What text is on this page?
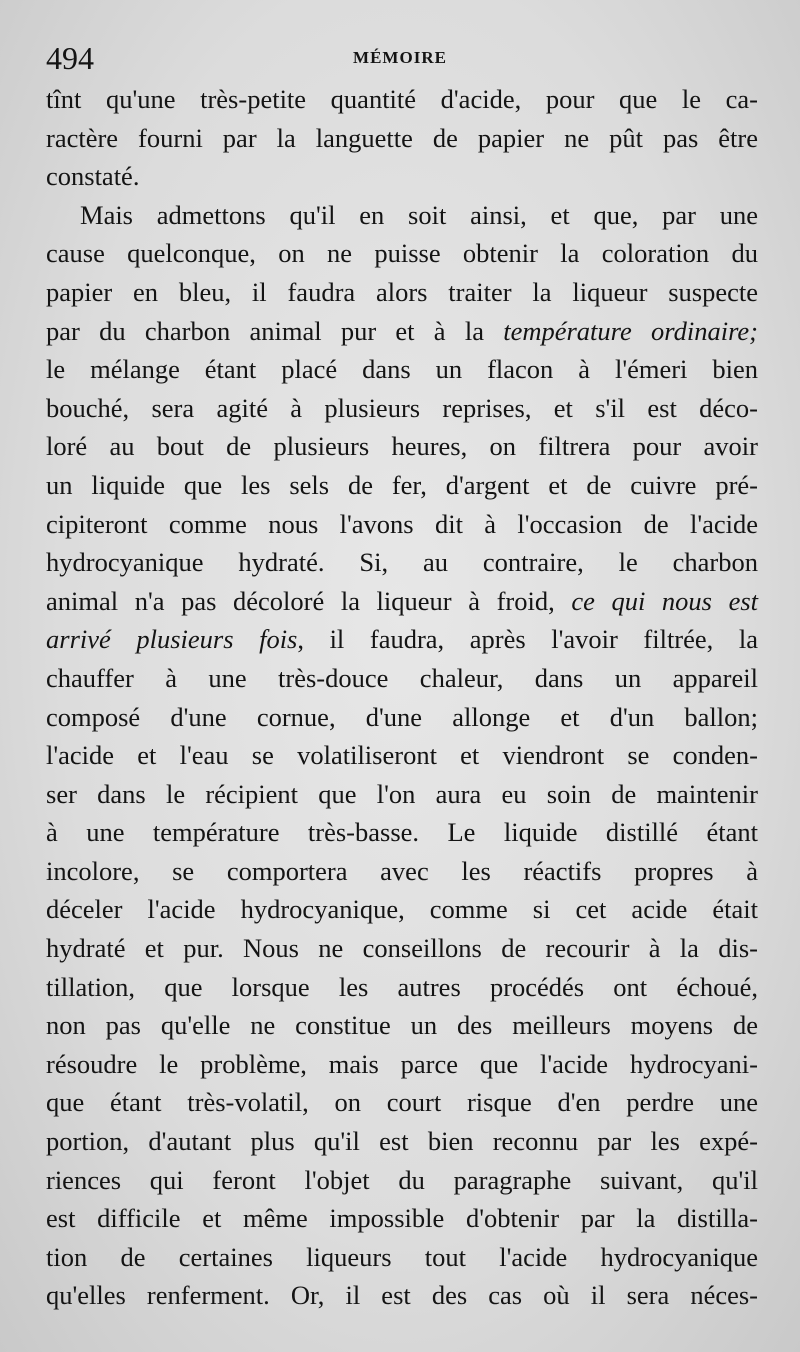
494	MÉMOIRE
tînt qu'une très-petite quantité d'acide, pour que le ca-
ractère fourni par la languette de papier ne pût pas être
constaté.
Mais admettons qu'il en soit ainsi, et que, par une
cause quelconque, on ne puisse obtenir la coloration du
papier en bleu, il faudra alors traiter la liqueur suspecte
par du charbon animal pur et à la température ordinaire;
le mélange étant placé dans un flacon à l'émeri bien
bouché, sera agité à plusieurs reprises, et s'il est déco-
loré au bout de plusieurs heures, on filtrera pour avoir
un liquide que les sels de fer, d'argent et de cuivre pré-
cipiteront comme nous l'avons dit à l'occasion de l'acide
hydrocyanique hydraté. Si, au contraire, le charbon
animal n'a pas décoloré la liqueur à froid, ce qui nous est
arrivé plusieurs fois, il faudra, après l'avoir filtrée, la
chauffer à une très-douce chaleur, dans un appareil
composé d'une cornue, d'une allonge et d'un ballon;
l'acide et l'eau se volatiliseront et viendront se conden-
ser dans le récipient que l'on aura eu soin de maintenir
à une température très-basse. Le liquide distillé étant
incolore, se comportera avec les réactifs propres à
déceler l'acide hydrocyanique, comme si cet acide était
hydraté et pur. Nous ne conseillons de recourir à la dis-
tillation, que lorsque les autres procédés ont échoué,
non pas qu'elle ne constitue un des meilleurs moyens de
résoudre le problème, mais parce que l'acide hydrocyani-
que étant très-volatil, on court risque d'en perdre une
portion, d'autant plus qu'il est bien reconnu par les expé-
riences qui feront l'objet du paragraphe suivant, qu'il
est difficile et même impossible d'obtenir par la distilla-
tion de certaines liqueurs tout l'acide hydrocyanique
qu'elles renferment. Or, il est des cas où il sera néces-
